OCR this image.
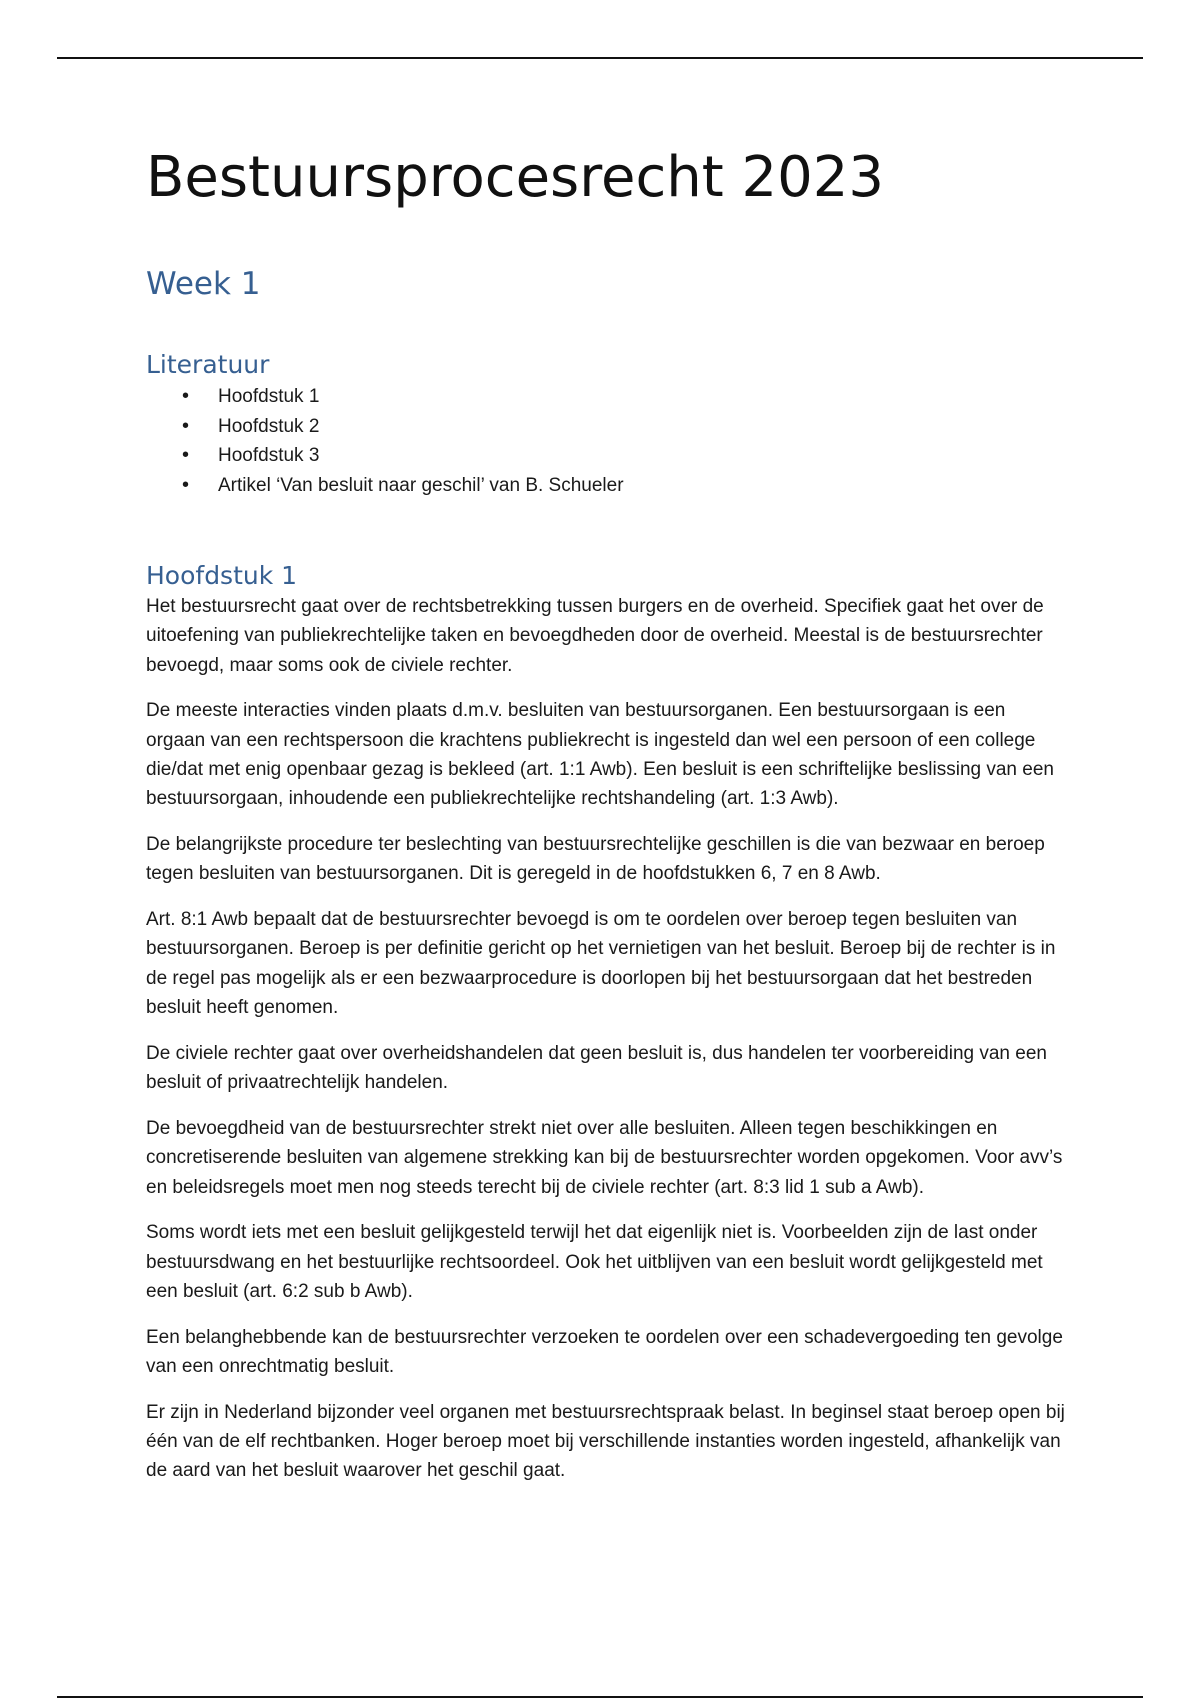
Bestuursprocesrecht 2023
Week 1
Literatuur
• Hoofdstuk 1
• Hoofdstuk 2
• Hoofdstuk 3
• Artikel ‘Van besluit naar geschil’ van B. Schueler
Hoofdstuk 1

Het bestuursrecht gaat over de rechtsbetrekking tussen burgers en de overheid. Specifiek gaat het over de uitoefening van publiekrechtelijke taken en bevoegdheden door de overheid. Meestal is de bestuursrechter bevoegd, maar soms ook de civiele rechter.

De meeste interacties vinden plaats d.m.v. besluiten van bestuursorganen. Een bestuursorgaan is een orgaan van een rechtspersoon die krachtens publiekrecht is ingesteld dan wel een persoon of een college die/dat met enig openbaar gezag is bekleed (art. 1:1 Awb). Een besluit is een schriftelijke beslissing van een bestuursorgaan, inhoudende een publiekrechtelijke rechtshandeling (art. 1:3 Awb).

De belangrijkste procedure ter beslechting van bestuursrechtelijke geschillen is die van bezwaar en beroep tegen besluiten van bestuursorganen. Dit is geregeld in de hoofdstukken 6, 7 en 8 Awb.

Art. 8:1 Awb bepaalt dat de bestuursrechter bevoegd is om te oordelen over beroep tegen besluiten van bestuursorganen. Beroep is per definitie gericht op het vernietigen van het besluit. Beroep bij de rechter is in de regel pas mogelijk als er een bezwaarprocedure is doorlopen bij het bestuursorgaan dat het bestreden besluit heeft genomen.

De civiele rechter gaat over overheidshandelen dat geen besluit is, dus handelen ter voorbereiding van een besluit of privaatrechtelijk handelen.

De bevoegdheid van de bestuursrechter strekt niet over alle besluiten. Alleen tegen beschikkingen en concretiserende besluiten van algemene strekking kan bij de bestuursrechter worden opgekomen. Voor avv’s en beleidsregels moet men nog steeds terecht bij de civiele rechter (art. 8:3 lid 1 sub a Awb).

Soms wordt iets met een besluit gelijkgesteld terwijl het dat eigenlijk niet is. Voorbeelden zijn de last onder bestuursdwang en het bestuurlijke rechtsoordeel. Ook het uitblijven van een besluit wordt gelijkgesteld met een besluit (art. 6:2 sub b Awb).

Een belanghebbende kan de bestuursrechter verzoeken te oordelen over een schadevergoeding ten gevolge van een onrechtmatig besluit.

Er zijn in Nederland bijzonder veel organen met bestuursrechtspraak belast. In beginsel staat beroep open bij één van de elf rechtbanken. Hoger beroep moet bij verschillende instanties worden ingesteld, afhankelijk van de aard van het besluit waarover het geschil gaat.
